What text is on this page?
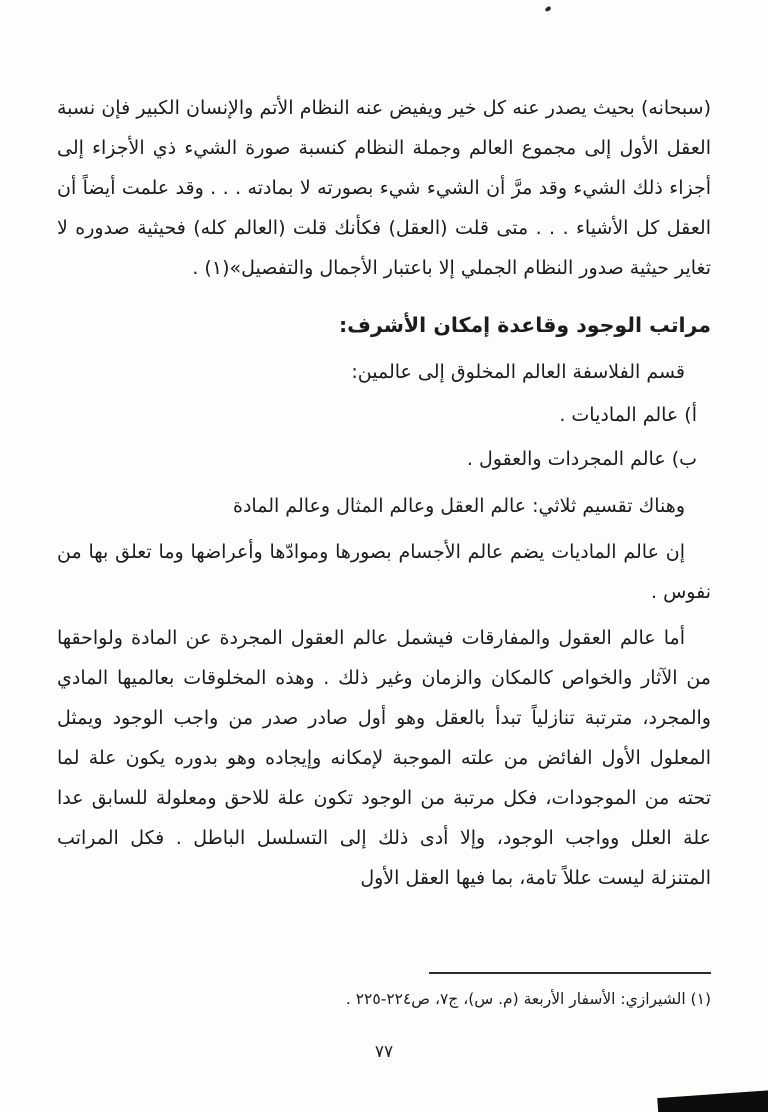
(سبحانه) بحيث يصدر عنه كل خير ويفيض عنه النظام الأتم والإنسان الكبير فإن نسبة العقل الأول إلى مجموع العالم وجملة النظام كنسبة صورة الشيء ذي الأجزاء إلى أجزاء ذلك الشيء وقد مرَّ أن الشيء شيء بصورته لا بمادته . . . وقد علمت أيضاً أن العقل كل الأشياء . . . متى قلت (العقل) فكأنك قلت (العالم كله) فحيثية صدوره لا تغاير حيثية صدور النظام الجملي إلا باعتبار الأجمال والتفصيل»(١) .

مراتب الوجود وقاعدة إمكان الأشرف:

قسم الفلاسفة العالم المخلوق إلى عالمين:

أ) عالم الماديات .

ب) عالم المجردات والعقول .

وهناك تقسيم ثلاثي: عالم العقل وعالم المثال وعالم المادة

إن عالم الماديات يضم عالم الأجسام بصورها وموادّها وأعراضها وما تعلق بها من نفوس .

أما عالم العقول والمفارقات فيشمل عالم العقول المجردة عن المادة ولواحقها من الآثار والخواص كالمكان والزمان وغير ذلك . وهذه المخلوقات بعالميها المادي والمجرد، مترتبة تنازلياً تبدأ بالعقل وهو أول صادر صدر من واجب الوجود ويمثل المعلول الأول الفائض من علته الموجبة لإمكانه وإيجاده وهو بدوره يكون علة لما تحته من الموجودات، فكل مرتبة من الوجود تكون علة للاحق ومعلولة للسابق عدا علة العلل وواجب الوجود، وإلا أدى ذلك إلى التسلسل الباطل . فكل المراتب المتنزلة ليست عللاً تامة، بما فيها العقل الأول

(١) الشيرازي: الأسفار الأربعة (م. س)، ج٧، ص٢٢٤-٢٢٥ .

٧٧
